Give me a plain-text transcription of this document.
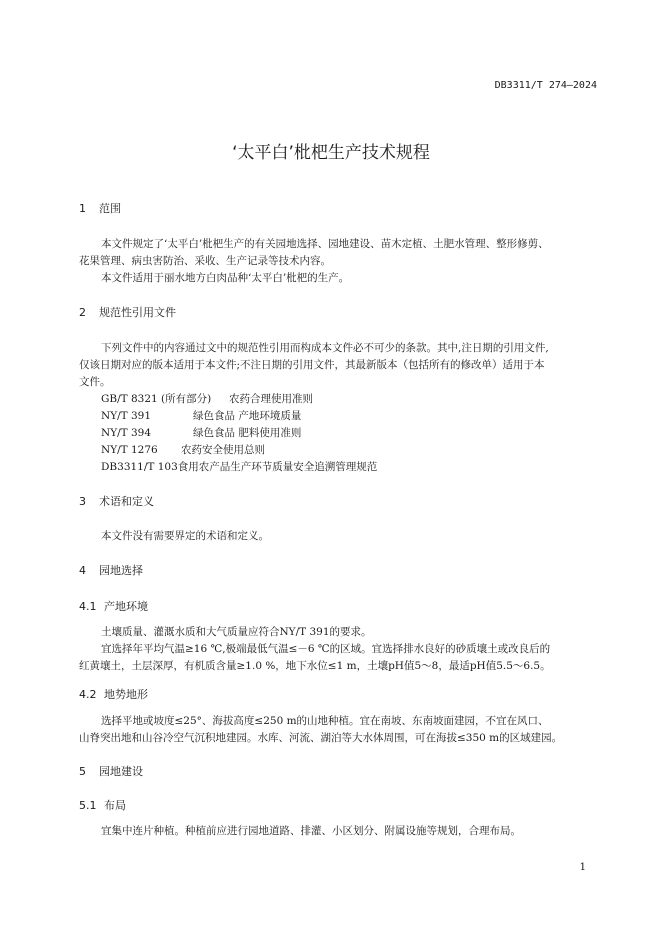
DB3311/T 274—2024
‘太平白’枇杷生产技术规程
1 范围
本文件规定了‘太平白’枇杷生产的有关园地选择、园地建设、苗木定植、土肥水管理、整形修剪、
花果管理、病虫害防治、采收、生产记录等技术内容。
本文件适用于丽水地方白肉品种‘太平白’枇杷的生产。
2 规范性引用文件
下列文件中的内容通过文中的规范性引用而构成本文件必不可少的条款。其中,注日期的引用文件,
仅该日期对应的版本适用于本文件;不注日期的引用文件，其最新版本（包括所有的修改单）适用于本
文件。
GB/T 8321 (所有部分) 农药合理使用准则
NY/T 391	绿色食品 产地环境质量
NY/T 394	绿色食品 肥料使用准则
NY/T 1276 农药安全使用总则
DB3311/T 103食用农产品生产环节质量安全追溯管理规范
3 术语和定义
本文件没有需要界定的术语和定义。
4 园地选择
4.1 产地环境
土壤质量、灌溉水质和大气质量应符合NY/T 391的要求。
宜选择年平均气温≥16 ℃,极端最低气温≤－6 ℃的区域。宜选择排水良好的砂质壤土或改良后的
红黄壤土，土层深厚，有机质含量≥1.0 %，地下水位≤1 m，土壤pH值5～8，最适pH值5.5～6.5。
4.2 地势地形
选择平地或坡度≤25°、海拔高度≤250 m的山地种植。宜在南坡、东南坡面建园，不宜在风口、
山脊突出地和山谷冷空气沉积地建园。水库、河流、湖泊等大水体周围，可在海拔≤350 m的区域建园。
5 园地建设
5.1 布局
宜集中连片种植。种植前应进行园地道路、排灌、小区划分、附属设施等规划，合理布局。
1
